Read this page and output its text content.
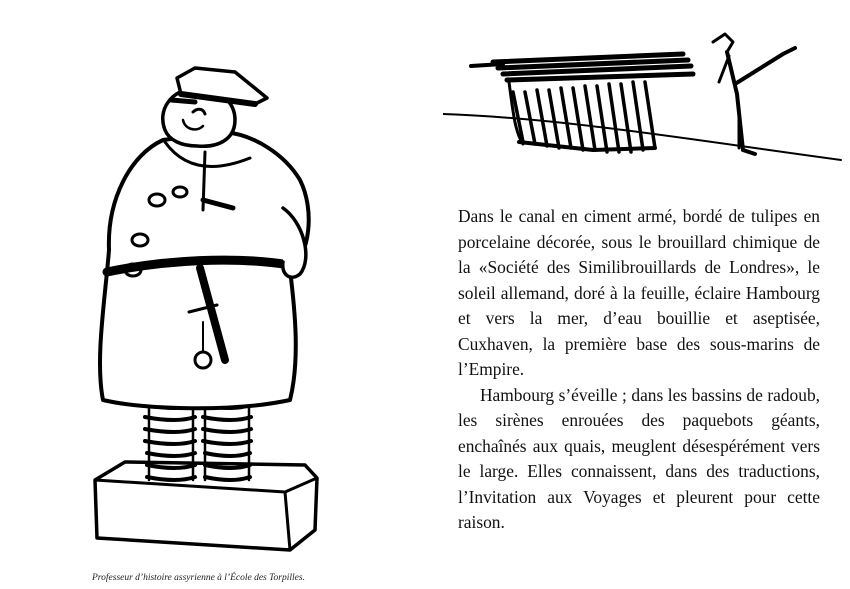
Professeur d’histoire assyrienne à l’École des Torpilles.

Dans le canal en ciment armé, bordé de tulipes en porcelaine décorée, sous le brouillard chimique de la «Société des Similibrouillards de Londres», le soleil allemand, doré à la feuille, éclaire Hambourg et vers la mer, d’eau bouillie et aseptisée, Cuxhaven, la première base des sous-marins de l’Empire.

Hambourg s’éveille ; dans les bassins de radoub, les sirènes enrouées des paquebots géants, enchaînés aux quais, meuglent désespérément vers le large. Elles connaissent, dans des traductions, l’Invitation aux Voyages et pleurent pour cette raison.
